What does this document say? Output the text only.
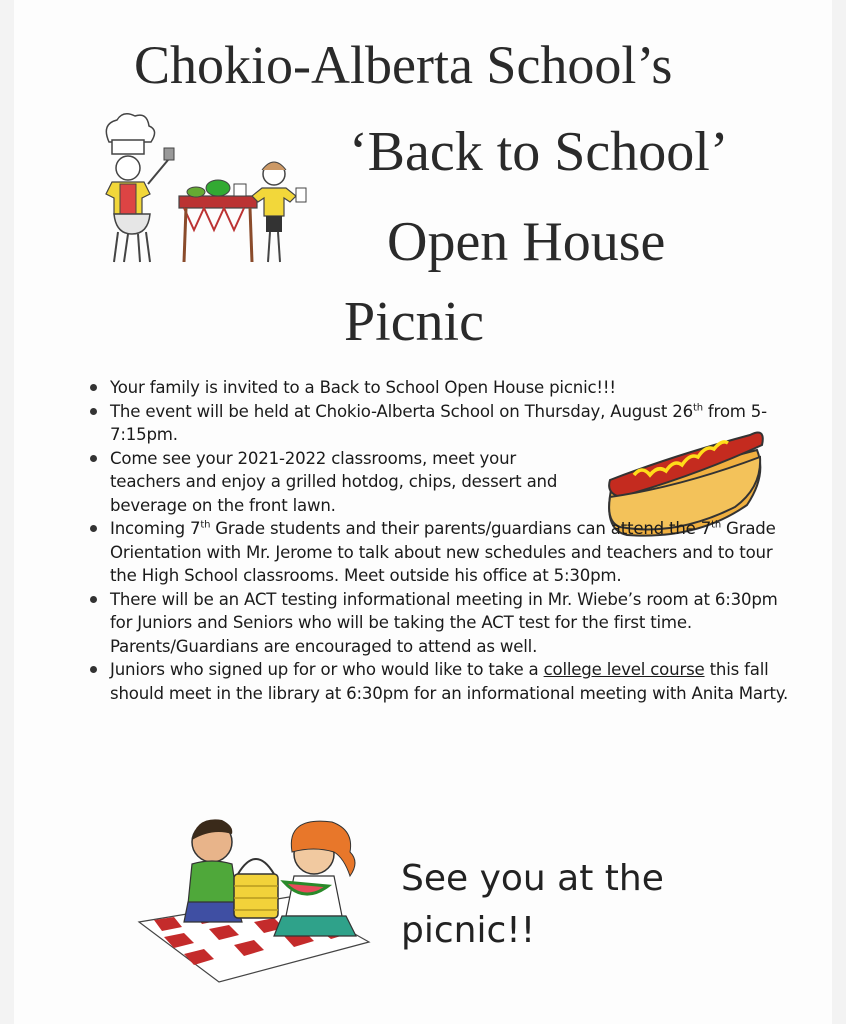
Chokio-Alberta School’s
‘Back to School’
Open House
Picnic
Your family is invited to a Back to School Open House picnic!!!
The event will be held at Chokio-Alberta School on Thursday, August 26th from 5-7:15pm.
Come see your 2021-2022 classrooms, meet your teachers and enjoy a grilled hotdog, chips, dessert and beverage on the front lawn.
Incoming 7th Grade students and their parents/guardians can attend the 7th Grade Orientation with Mr. Jerome to talk about new schedules and teachers and to tour the High School classrooms. Meet outside his office at 5:30pm.
There will be an ACT testing informational meeting in Mr. Wiebe’s room at 6:30pm for Juniors and Seniors who will be taking the ACT test for the first time. Parents/Guardians are encouraged to attend as well.
Juniors who signed up for or who would like to take a college level course this fall should meet in the library at 6:30pm for an informational meeting with Anita Marty.
See you at the
picnic!!
